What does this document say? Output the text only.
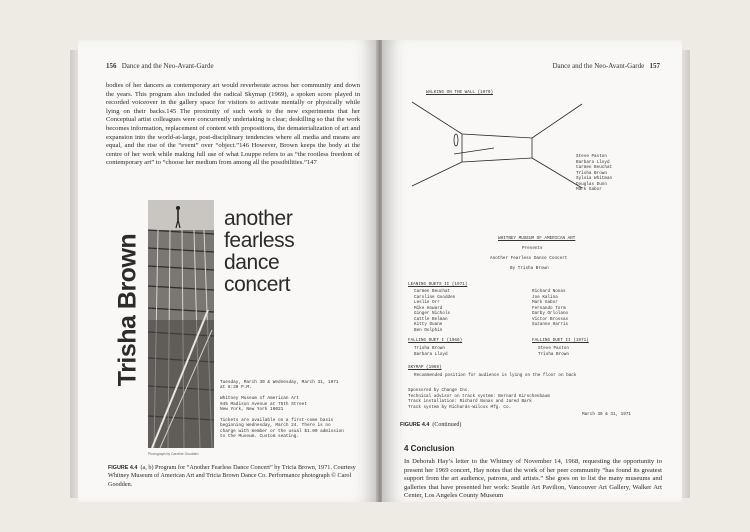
156 Dance and the Neo-Avant-Garde

bodies of her dancers as contemporary art would reverberate across her community and down the years. This program also included the radical Skymap (1969), a spoken score played in recorded voiceover in the gallery space for visitors to activate mentally or physically while lying on their backs.145 The proximity of such work to the new experiments that her Conceptual artist colleagues were concurrently undertaking is clear; deskilling so that the work becomes information, replacement of content with propositions, the dematerialization of art and expansion into the world-at-large, post-disciplinary tendencies where all media and means are equal, and the rise of the “event” over “object.”146 However, Brown keeps the body at the centre of her work while making full use of what Louppe refers to as “the rootless freedom of contemporary art” to “choose her medium from among all the possibilities.”147

Trisha Brown
another
fearless
dance
concert
Tuesday, March 30 & Wednesday, March 31, 1971
at 8:30 P.M.
Whitney Museum of American Art
945 Madison Avenue at 75th Street
New York, New York 10021
Tickets are available on a first-come basis
beginning Wednesday, March 24. There is no
charge with member or the usual $1.00 admission
to the Museum. Custom seating.
Photograph by Caroline Goodden
FIGURE 4.4 (a, b) Program for “Another Fearless Dance Concert” by Tricia Brown, 1971. Courtesy Whitney Museum of American Art and Tricia Brown Dance Co. Performance photograph © Carol Goodden.
Dance and the Neo-Avant-Garde 157
WALKING ON THE WALL (1970)
Steve Paxton
Barbara Lloyd
Carmen Beuchat
Trisha Brown
Sylvia Whitman
Douglas Dunn
Mark Gabor
WHITNEY MUSEUM OF AMERICAN ART
Presents
Another Fearless Dance Concert
By Trisha Brown
LEANING DUETS II (1971)
Carmen Beuchat
Caroline Goodden
Leslie Orr
Mike Howard
Ginger Nichols
Cattle Belman
Kitty Duane
Ben Dolphin
Richard Nonas
Joe Kalina
Mark Gabor
Fernando Torm
Darby Orlolano
Victor Brossas
Suzanne Harris
FALLING DUET I (1968)
Trisha Brown
Barbara Lloyd
FALLING DUET II (1971)
Steve Paxton
Trisha Brown
SKYMAP (1969)
Recommended position for audience is lying on the floor on back
Sponsored by Change Inc.
Technical advisor on track system: Bernard Kirschenbaum
Track installation: Richard Nonas and Jared Bark
Track system by Richards-Wilcox Mfg. Co.
March 30 & 31, 1971
FIGURE 4.4 (Continued)
4 Conclusion
In Deborah Hay’s letter to the Whitney of November 14, 1968, requesting the opportunity to present her 1969 concert, Hay notes that the work of her peer community “has found its greatest support from the art audience, patrons, and artists.” She goes on to list the many museums and galleries that have presented her work: Seattle Art Pavilion, Vancouver Art Gallery, Walker Art Center, Los Angeles County Museum
